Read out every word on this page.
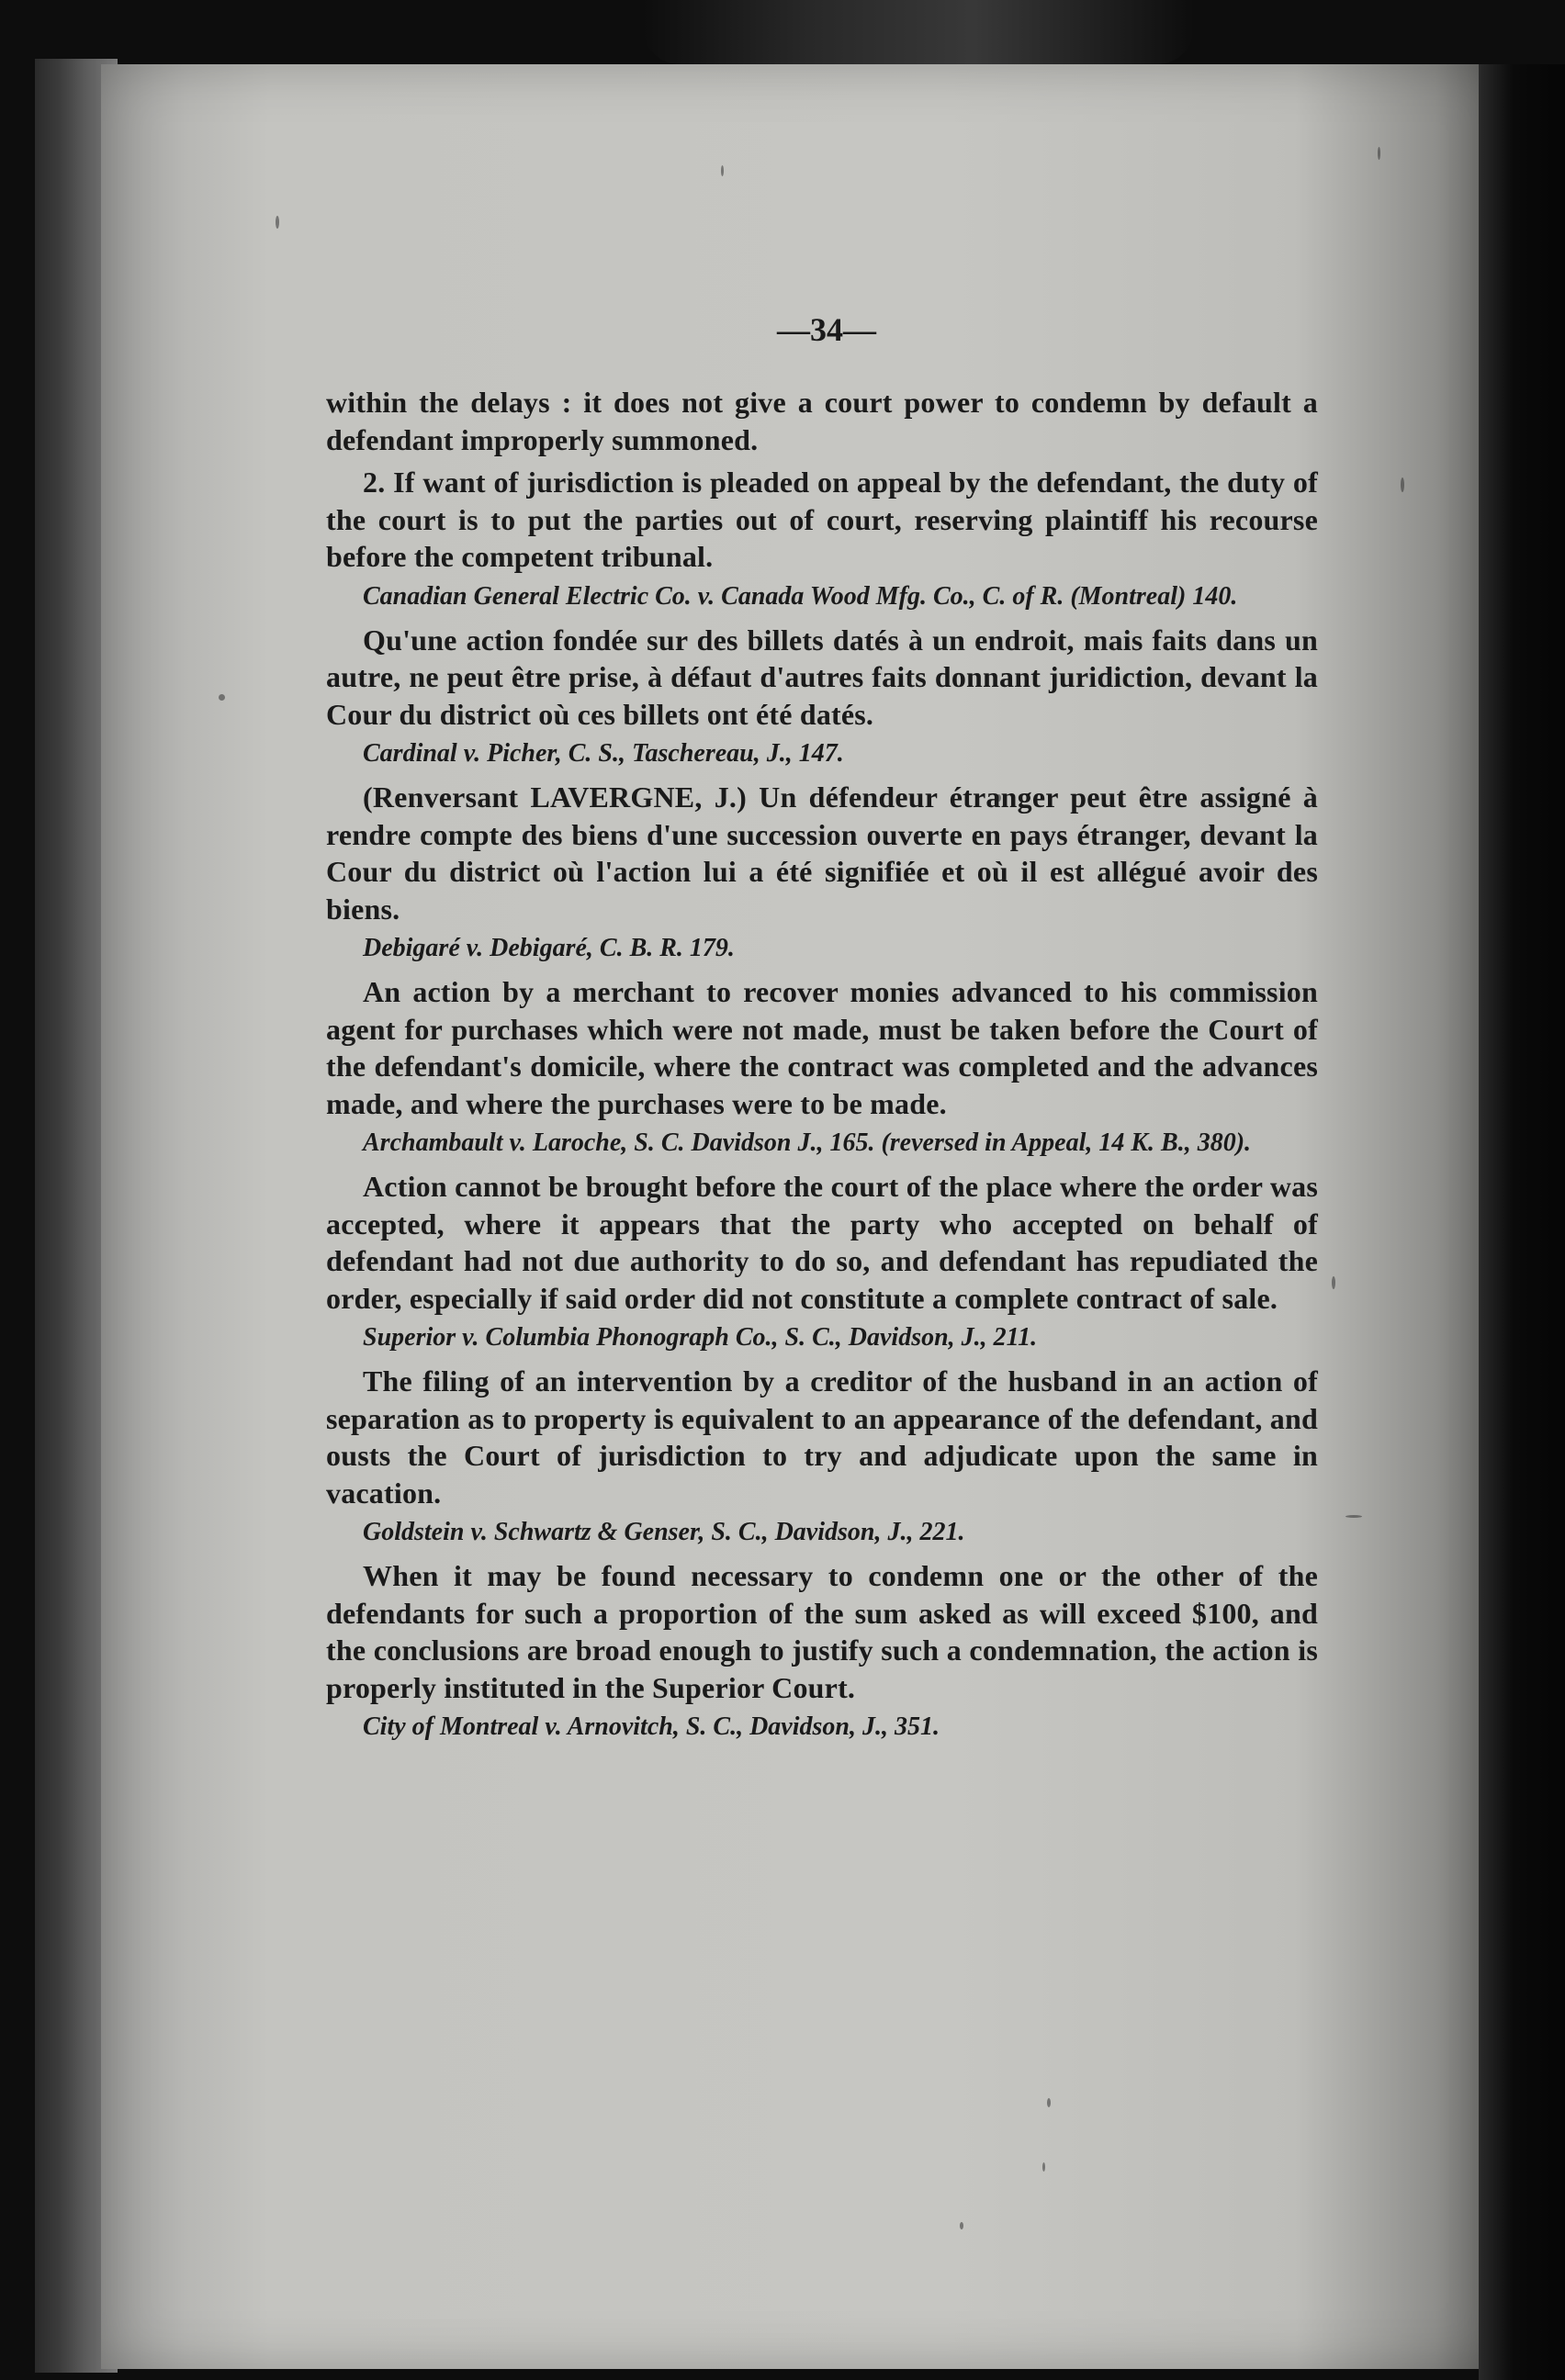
—34—

within the delays : it does not give a court power to condemn by default a defendant improperly summoned.

2. If want of jurisdiction is pleaded on appeal by the defendant, the duty of the court is to put the parties out of court, reserving plaintiff his recourse before the competent tribunal.

Canadian General Electric Co. v. Canada Wood Mfg. Co., C. of R. (Montreal) 140.

Qu'une action fondée sur des billets datés à un endroit, mais faits dans un autre, ne peut être prise, à défaut d'autres faits donnant juridiction, devant la Cour du district où ces billets ont été datés.

Cardinal v. Picher, C. S., Taschereau, J., 147.

(Renversant LAVERGNE, J.) Un défendeur étranger peut être assigné à rendre compte des biens d'une succession ouverte en pays étranger, devant la Cour du district où l'action lui a été signifiée et où il est allégué avoir des biens.

Debigaré v. Debigaré, C. B. R. 179.

An action by a merchant to recover monies advanced to his commission agent for purchases which were not made, must be taken before the Court of the defendant's domicile, where the contract was completed and the advances made, and where the purchases were to be made.

Archambault v. Laroche, S. C. Davidson J., 165. (reversed in Appeal, 14 K. B., 380).

Action cannot be brought before the court of the place where the order was accepted, where it appears that the party who accepted on behalf of defendant had not due authority to do so, and defendant has repudiated the order, especially if said order did not constitute a complete contract of sale.

Superior v. Columbia Phonograph Co., S. C., Davidson, J., 211.

The filing of an intervention by a creditor of the husband in an action of separation as to property is equivalent to an appearance of the defendant, and ousts the Court of jurisdiction to try and adjudicate upon the same in vacation.

Goldstein v. Schwartz & Genser, S. C., Davidson, J., 221.

When it may be found necessary to condemn one or the other of the defendants for such a proportion of the sum asked as will exceed $100, and the conclusions are broad enough to justify such a condemnation, the action is properly instituted in the Superior Court.

City of Montreal v. Arnovitch, S. C., Davidson, J., 351.
